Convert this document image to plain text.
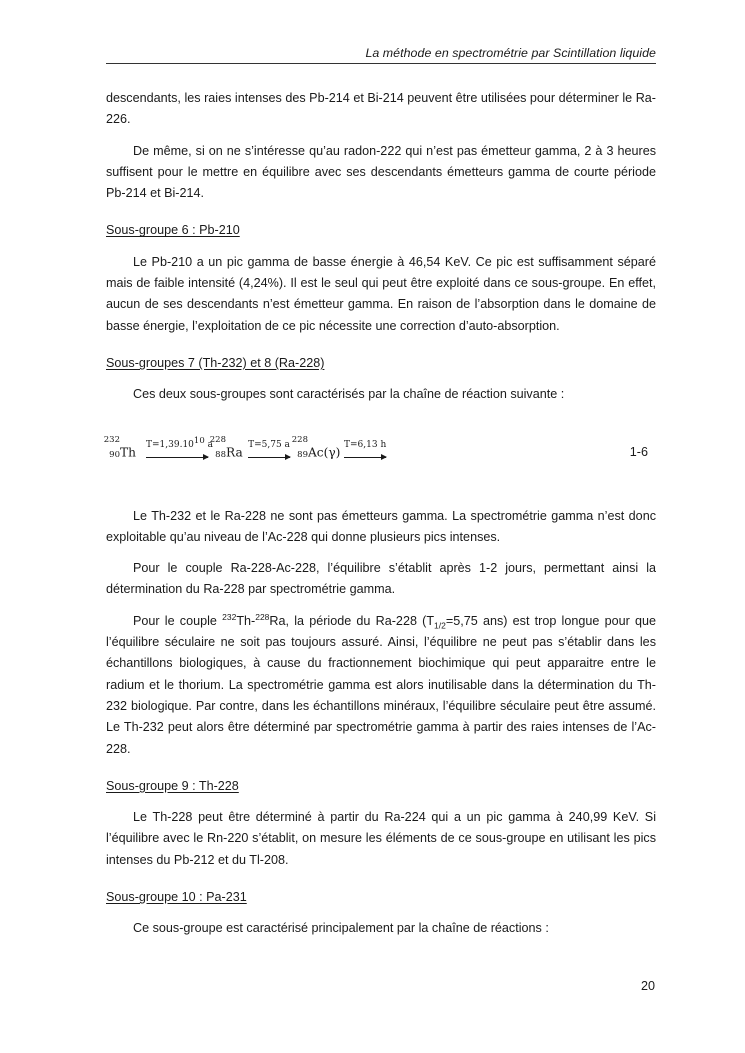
La méthode en spectrométrie par Scintillation liquide

descendants, les raies intenses des Pb-214 et Bi-214 peuvent être utilisées pour déterminer le Ra-226.

De même, si on ne s’intéresse qu’au radon-222 qui n’est pas émetteur gamma, 2 à 3 heures suffisent pour le mettre en équilibre avec ses descendants émetteurs gamma de courte période Pb-214 et Bi-214.

Sous-groupe 6 : Pb-210

Le Pb-210 a un pic gamma de basse énergie à 46,54 KeV. Ce pic est suffisamment séparé mais de faible intensité (4,24%). Il est le seul qui peut être exploité dans ce sous-groupe. En effet, aucun de ses descendants n’est émetteur gamma. En raison de l’absorption dans le domaine de basse énergie, l’exploitation de ce pic nécessite une correction d’auto-absorption.

Sous-groupes 7 (Th-232) et 8 (Ra-228)

Ces deux sous-groupes sont caractérisés par la chaîne de réaction suivante :

232
90 Th
$T=1,39.10^{10}$ a
228
88 Ra
T=5,75 a 228
89 Ac(γ)
T=6,13 h	1-6

Le Th-232 et le Ra-228 ne sont pas émetteurs gamma. La spectrométrie gamma n’est donc exploitable qu’au niveau de l’Ac-228 qui donne plusieurs pics intenses.

Pour le couple Ra-228-Ac-228, l’équilibre s’établit après 1-2 jours, permettant ainsi la détermination du Ra-228 par spectrométrie gamma.

Pour le couple $^{232}$Th-$^{228}$Ra, la période du Ra-228 ($T_{1/2}=5,75$ ans) est trop longue pour que l’équilibre séculaire ne soit pas toujours assuré. Ainsi, l’équilibre ne peut pas s’établir dans les échantillons biologiques, à cause du fractionnement biochimique qui peut apparaitre entre le radium et le thorium. La spectrométrie gamma est alors inutilisable dans la détermination du Th-232 biologique. Par contre, dans les échantillons minéraux, l’équilibre séculaire peut être assumé. Le Th-232 peut alors être déterminé par spectrométrie gamma à partir des raies intenses de l’Ac-228.

Sous-groupe 9 : Th-228

Le Th-228 peut être déterminé à partir du Ra-224 qui a un pic gamma à 240,99 KeV. Si l’équilibre avec le Rn-220 s’établit, on mesure les éléments de ce sous-groupe en utilisant les pics intenses du Pb-212 et du Tl-208.

Sous-groupe 10 : Pa-231

Ce sous-groupe est caractérisé principalement par la chaîne de réactions :

20
